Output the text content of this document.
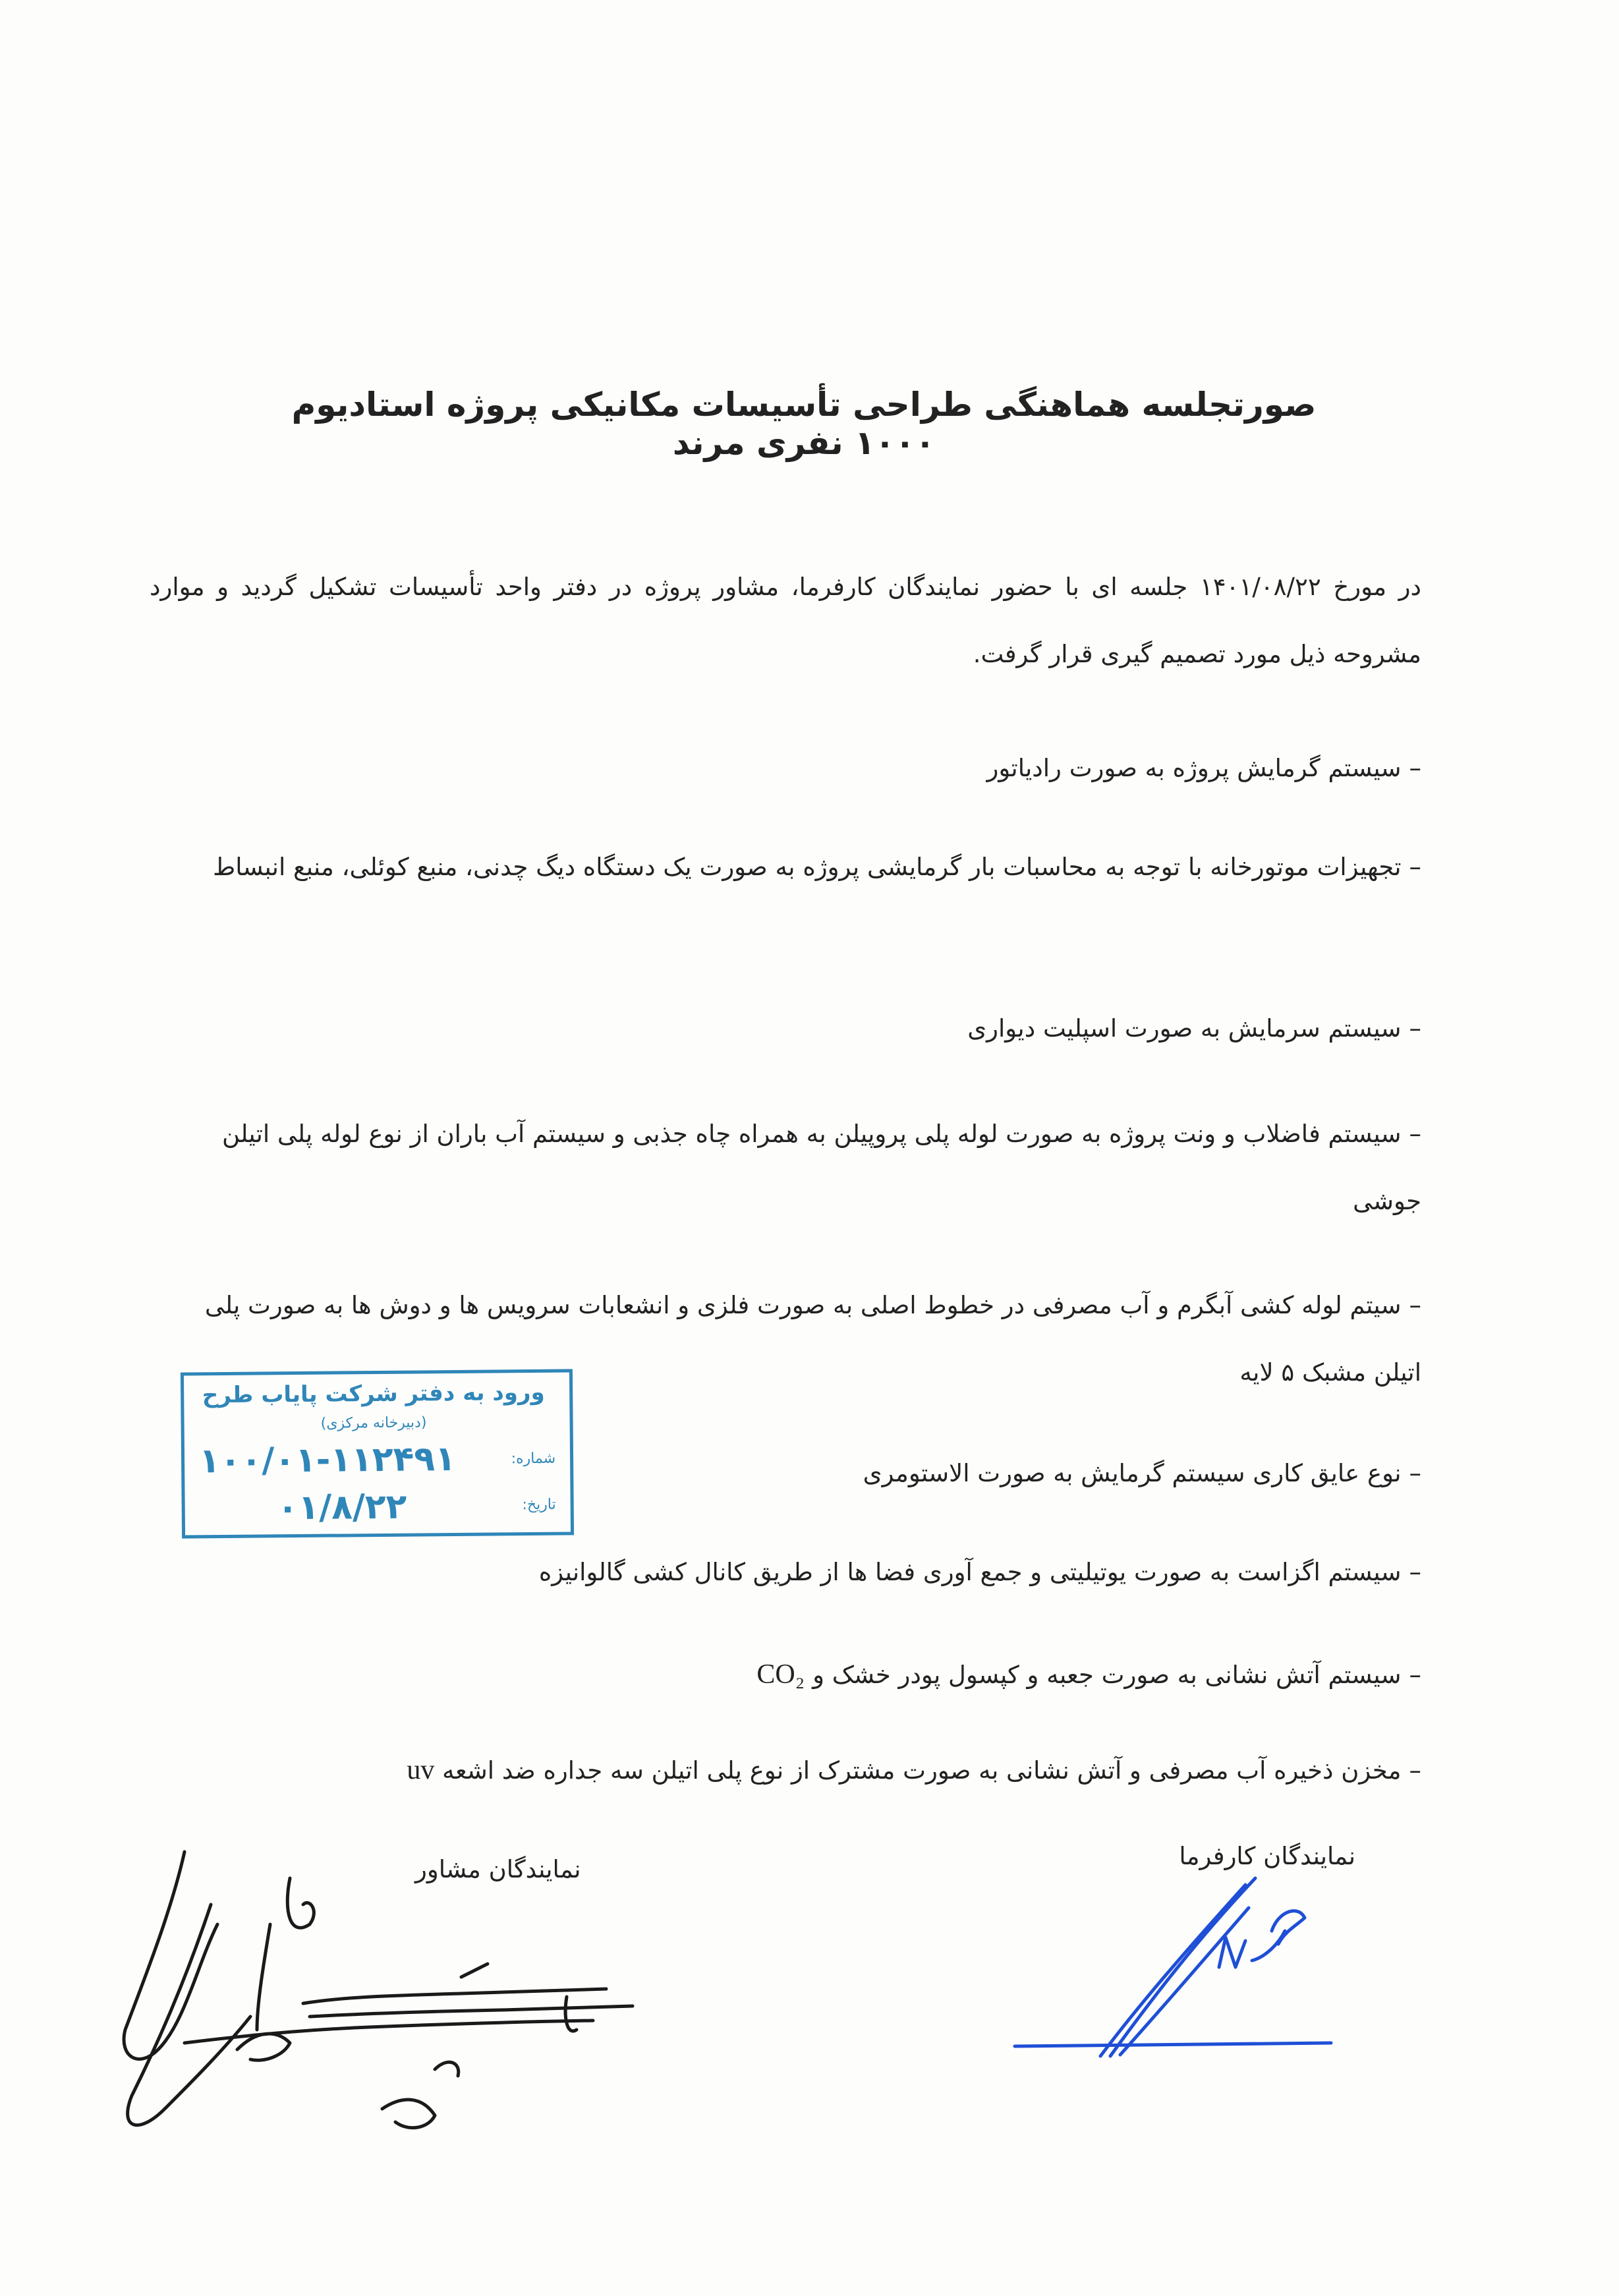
صورتجلسه هماهنگی طراحی تأسیسات مکانیکی پروژه استادیوم ۱۰۰۰ نفری مرند
در مورخ ۱۴۰۱/۰۸/۲۲ جلسه ای با حضور نمایندگان کارفرما، مشاور پروژه در دفتر واحد تأسیسات تشکیل گردید و موارد مشروحه ذیل مورد تصمیم گیری قرار گرفت.
–سیستم گرمایش پروژه به صورت رادیاتور
–تجهیزات موتورخانه با توجه به محاسبات بار گرمایشی پروژه به صورت یک دستگاه دیگ چدنی، منبع کوئلی، منبع انبساط
–سیستم سرمایش به صورت اسپلیت دیواری
–سیستم فاضلاب و ونت پروژه به صورت لوله پلی پروپیلن به همراه چاه جذبی و سیستم آب باران از نوع لوله پلی اتیلن جوشی
–سیتم لوله کشی آبگرم و آب مصرفی در خطوط اصلی به صورت فلزی و انشعابات سرویس ها و دوش ها به صورت پلی اتیلن مشبک ۵ لایه
–نوع عایق کاری سیستم گرمایش به صورت الاستومری
–سیستم اگزاست به صورت یوتیلیتی و جمع آوری فضا ها از طریق کانال کشی گالوانیزه
–سیستم آتش نشانی به صورت جعبه و کپسول پودر خشک و CO₂
–مخزن ذخیره آب مصرفی و آتش نشانی به صورت مشترک از نوع پلی اتیلن سه جداره ضد اشعه uv
نمایندگان کارفرما
نمایندگان مشاور
ورود به دفتر شرکت پایاب طرح
(دبیرخانه مرکزی)
شماره:
تاریخ:
۱۰۰/۰۱-۱۱۲۴۹۱
۰۱/۸/۲۲
